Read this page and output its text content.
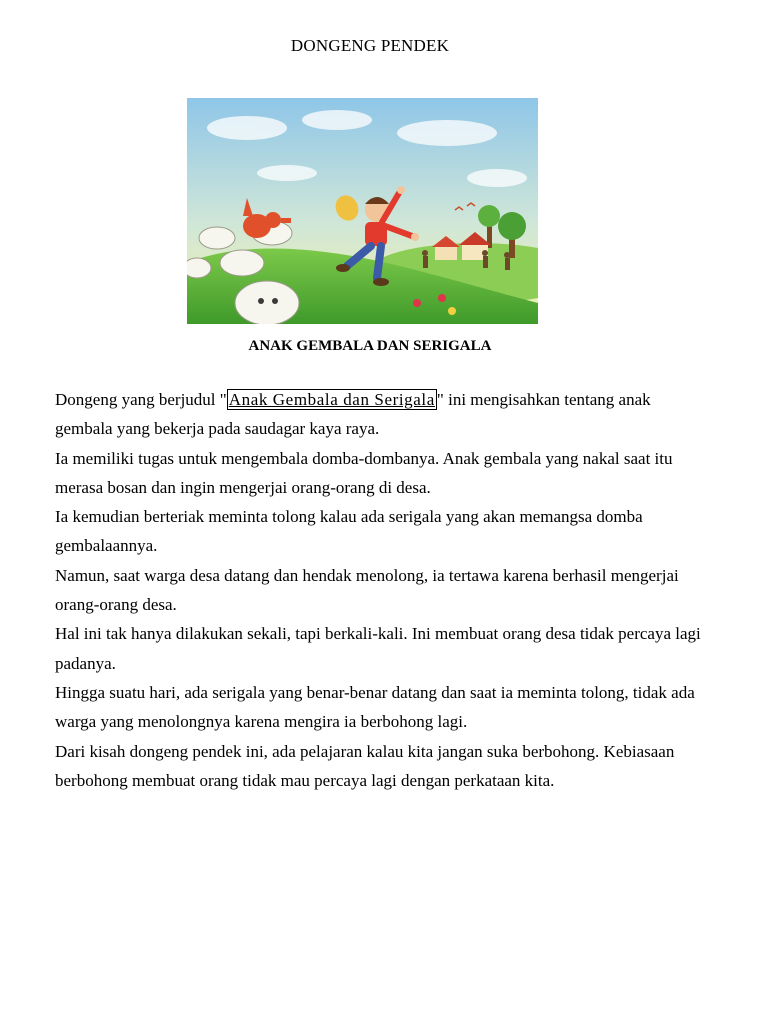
DONGENG PENDEK
ANAK GEMBALA DAN SERIGALA

Dongeng yang berjudul " Anak Gembala dan Serigala " ini mengisahkan tentang anak gembala yang bekerja pada saudagar kaya raya.

Ia memiliki tugas untuk mengembala domba-dombanya. Anak gembala yang nakal saat itu merasa bosan dan ingin mengerjai orang-orang di desa.

Ia kemudian berteriak meminta tolong kalau ada serigala yang akan memangsa domba gembalaannya.

Namun, saat warga desa datang dan hendak menolong, ia tertawa karena berhasil mengerjai orang-orang desa.

Hal ini tak hanya dilakukan sekali, tapi berkali-kali. Ini membuat orang desa tidak percaya lagi padanya.

Hingga suatu hari, ada serigala yang benar-benar datang dan saat ia meminta tolong, tidak ada warga yang menolongnya karena mengira ia berbohong lagi.

Dari kisah dongeng pendek ini, ada pelajaran kalau kita jangan suka berbohong. Kebiasaan berbohong membuat orang tidak mau percaya lagi dengan perkataan kita.
